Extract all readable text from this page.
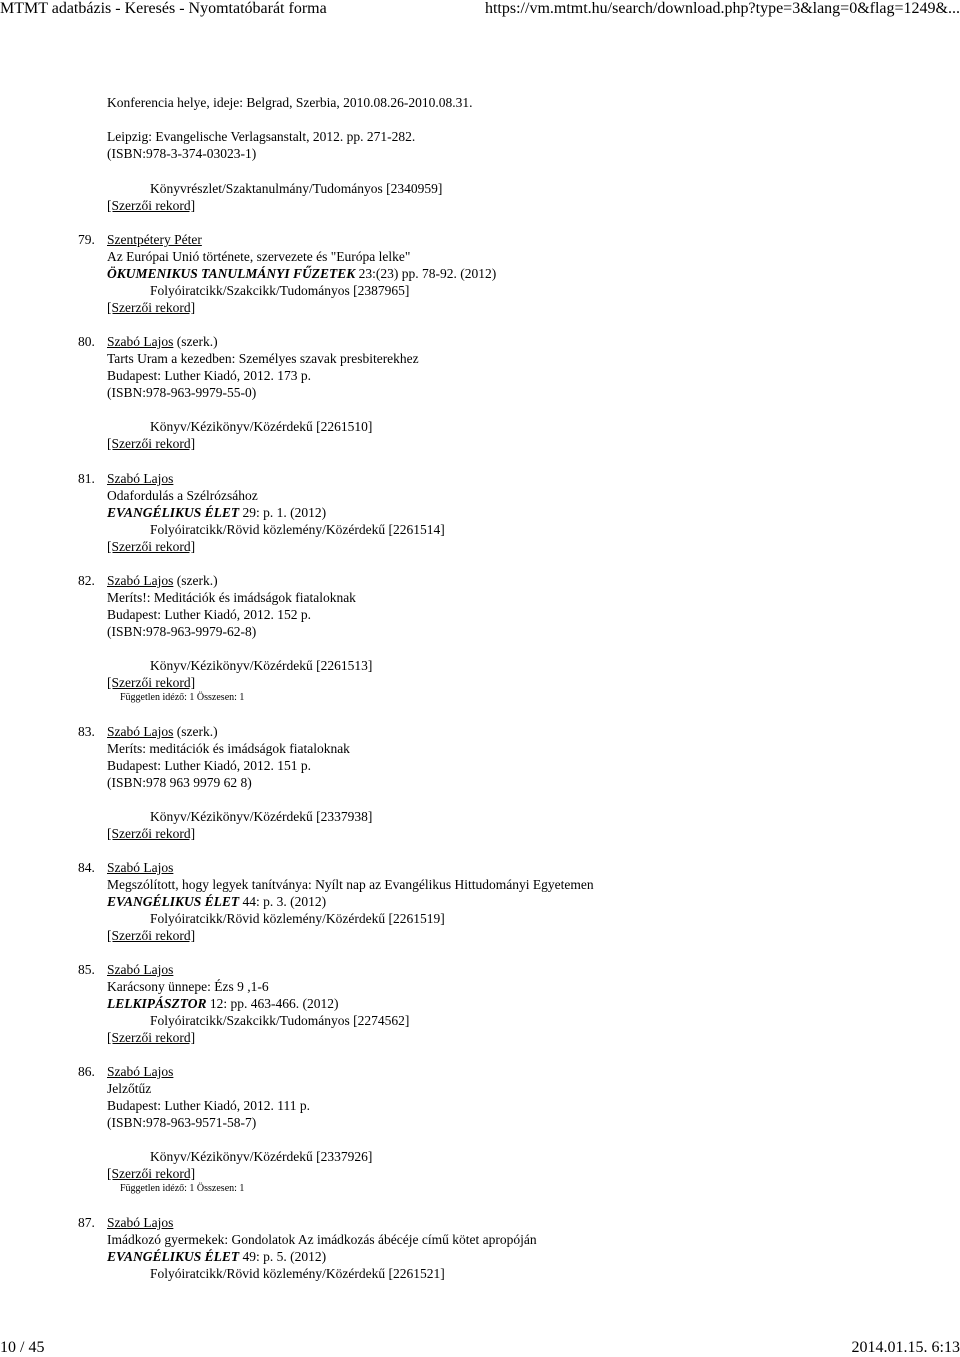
MTMT adatbázis - Keresés - Nyomtatóbarát forma	https://vm.mtmt.hu/search/download.php?type=3&lang=0&flag=1249&...
Konferencia helye, ideje: Belgrad, Szerbia, 2010.08.26-2010.08.31.
Leipzig: Evangelische Verlagsanstalt, 2012. pp. 271-282.
(ISBN:978-3-374-03023-1)
Könyvrészlet/Szaktanulmány/Tudományos [2340959]
[Szerzői rekord]
79. Szentpétery Péter
Az Európai Unió története, szervezete és "Európa lelke"
ÖKUMENIKUS TANULMÁNYI FŰZETEK 23:(23) pp. 78-92. (2012)
Folyóiratcikk/Szakcikk/Tudományos [2387965]
[Szerzői rekord]
80. Szabó Lajos (szerk.)
Tarts Uram a kezedben: Személyes szavak presbiterekhez
Budapest: Luther Kiadó, 2012. 173 p.
(ISBN:978-963-9979-55-0)
Könyv/Kézikönyv/Közérdekű [2261510]
[Szerzői rekord]
81. Szabó Lajos
Odafordulás a Szélrózsához
EVANGÉLIKUS ÉLET 29: p. 1. (2012)
Folyóiratcikk/Rövid közlemény/Közérdekű [2261514]
[Szerzői rekord]
82. Szabó Lajos (szerk.)
Meríts!: Meditációk és imádságok fiataloknak
Budapest: Luther Kiadó, 2012. 152 p.
(ISBN:978-963-9979-62-8)
Könyv/Kézikönyv/Közérdekű [2261513]
[Szerzői rekord]
Független idéző: 1 Összesen: 1
83. Szabó Lajos (szerk.)
Meríts: meditációk és imádságok fiataloknak
Budapest: Luther Kiadó, 2012. 151 p.
(ISBN:978 963 9979 62 8)
Könyv/Kézikönyv/Közérdekű [2337938]
[Szerzői rekord]
84. Szabó Lajos
Megszólított, hogy legyek tanítványa: Nyílt nap az Evangélikus Hittudományi Egyetemen
EVANGÉLIKUS ÉLET 44: p. 3. (2012)
Folyóiratcikk/Rövid közlemény/Közérdekű [2261519]
[Szerzői rekord]
85. Szabó Lajos
Karácsony ünnepe: Ézs 9 ,1-6
LELKIPÁSZTOR 12: pp. 463-466. (2012)
Folyóiratcikk/Szakcikk/Tudományos [2274562]
[Szerzői rekord]
86. Szabó Lajos
Jelzőtűz
Budapest: Luther Kiadó, 2012. 111 p.
(ISBN:978-963-9571-58-7)
Könyv/Kézikönyv/Közérdekű [2337926]
[Szerzői rekord]
Független idéző: 1 Összesen: 1
87. Szabó Lajos
Imádkozó gyermekek: Gondolatok Az imádkozás ábécéje című kötet apropóján
EVANGÉLIKUS ÉLET 49: p. 5. (2012)
Folyóiratcikk/Rövid közlemény/Közérdekű [2261521]
10 / 45	2014.01.15. 6:13
